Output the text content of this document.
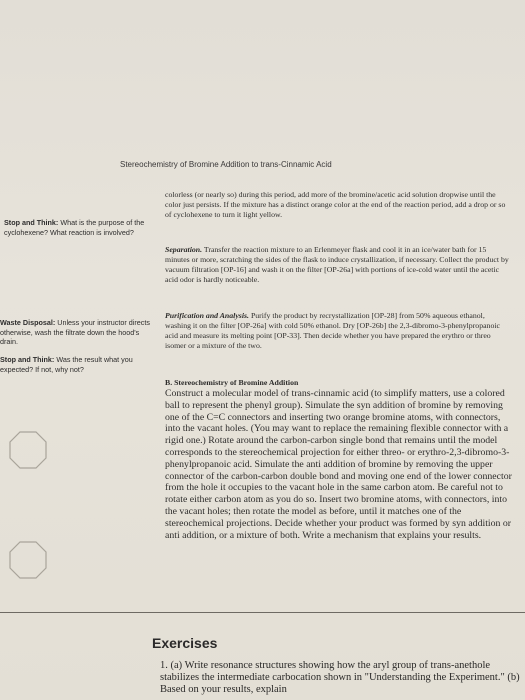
Stereochemistry of Bromine Addition to trans-Cinnamic Acid
Stop and Think: What is the purpose of the cyclohexene? What reaction is involved?
Waste Disposal: Unless your instructor directs otherwise, wash the filtrate down the hood's drain.
Stop and Think: Was the result what you expected? If not, why not?

colorless (or nearly so) during this period, add more of the bromine/acetic acid solution dropwise until the color just persists. If the mixture has a distinct orange color at the end of the reaction period, add a drop or so of cyclohexene to turn it light yellow.

Separation. Transfer the reaction mixture to an Erlenmeyer flask and cool it in an ice/water bath for 15 minutes or more, scratching the sides of the flask to induce crystallization, if necessary. Collect the product by vacuum filtration [OP-16] and wash it on the filter [OP-26a] with portions of ice-cold water until the acetic acid odor is hardly noticeable.

Purification and Analysis. Purify the product by recrystallization [OP-28] from 50% aqueous ethanol, washing it on the filter [OP-26a] with cold 50% ethanol. Dry [OP-26b] the 2,3-dibromo-3-phenylpropanoic acid and measure its melting point [OP-33]. Then decide whether you have prepared the erythro or threo isomer or a mixture of the two.

B. Stereochemistry of Bromine Addition

Construct a molecular model of trans-cinnamic acid (to simplify matters, use a colored ball to represent the phenyl group). Simulate the syn addition of bromine by removing one of the C=C connectors and inserting two orange bromine atoms, with connectors, into the vacant holes. (You may want to replace the remaining flexible connector with a rigid one.) Rotate around the carbon-carbon single bond that remains until the model corresponds to the stereochemical projection for either threo- or erythro-2,3-dibromo-3-phenylpropanoic acid. Simulate the anti addition of bromine by removing the upper connector of the carbon-carbon double bond and moving one end of the lower connector from the hole it occupies to the vacant hole in the same carbon atom. Be careful not to rotate either carbon atom as you do so. Insert two bromine atoms, with connectors, into the vacant holes; then rotate the model as before, until it matches one of the stereochemical projections. Decide whether your product was formed by syn addition or anti addition, or a mixture of both. Write a mechanism that explains your results.

Exercises
1. (a) Write resonance structures showing how the aryl group of trans-anethole stabilizes the intermediate carbocation shown in "Understanding the Experiment." (b) Based on your results, explain
